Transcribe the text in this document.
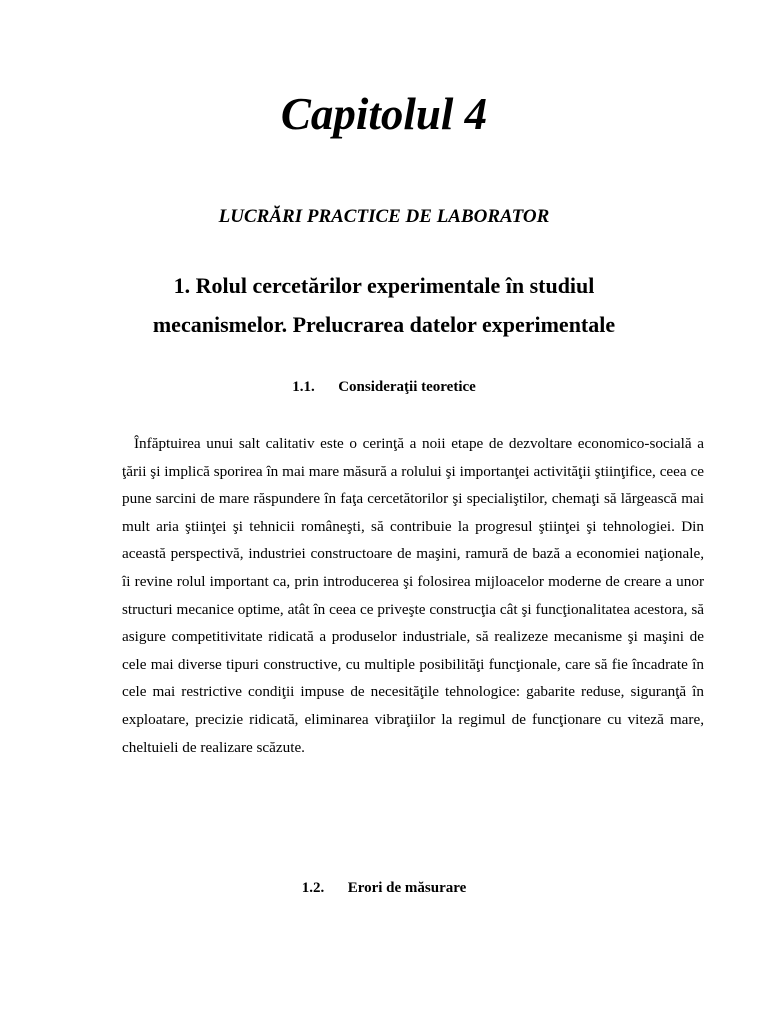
Capitolul 4
LUCRĂRI PRACTICE DE LABORATOR
1. Rolul cercetărilor experimentale în studiul
mecanismelor. Prelucrarea datelor experimentale
1.1. Consideraţii teoretice

Înfăptuirea unui salt calitativ este o cerinţă a noii etape de dezvoltare economico-socială a ţării şi implică sporirea în mai mare măsură a rolului şi importanţei activităţii ştiinţifice, ceea ce pune sarcini de mare răspundere în faţa cercetătorilor şi specialiştilor, chemaţi să lărgească mai mult aria ştiinţei şi tehnicii româneşti, să contribuie la progresul ştiinţei şi tehnologiei. Din această perspectivă, industriei constructoare de maşini, ramură de bază a economiei naţionale, îi revine rolul important ca, prin introducerea şi folosirea mijloacelor moderne de creare a unor structuri mecanice optime, atât în ceea ce priveşte construcţia cât şi funcţionalitatea acestora, să asigure competitivitate ridicată a produselor industriale, să realizeze mecanisme şi maşini de cele mai diverse tipuri constructive, cu multiple posibilităţi funcţionale, care să fie încadrate în cele mai restrictive condiţii impuse de necesităţile tehnologice: gabarite reduse, siguranţă în exploatare, precizie ridicată, eliminarea vibraţiilor la regimul de funcţionare cu viteză mare, cheltuieli de realizare scăzute.

1.2. Erori de măsurare
